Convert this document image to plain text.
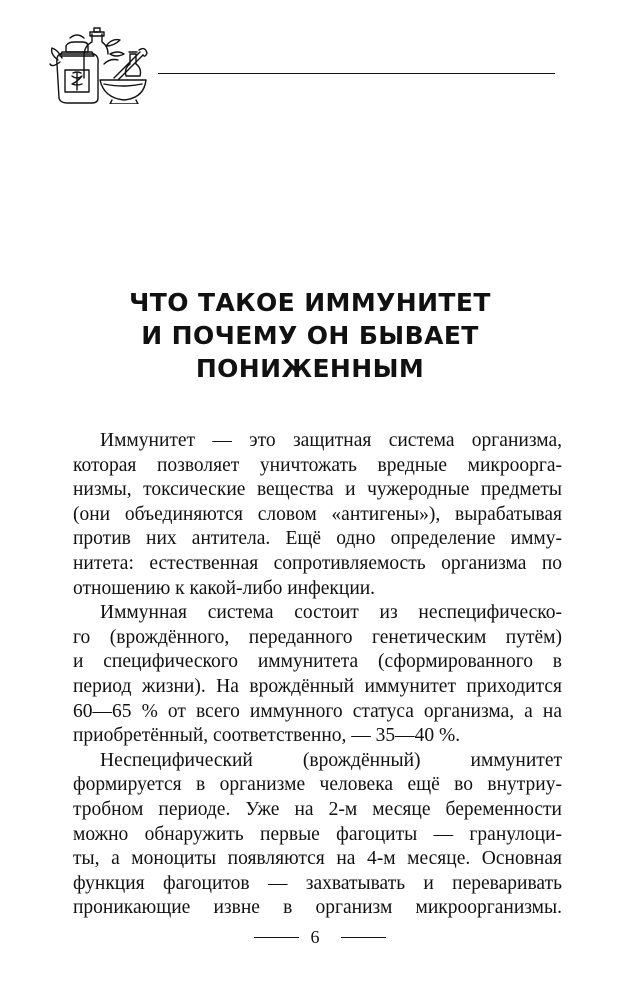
ЧТО ТАКОЕ ИММУНИТЕТ
И ПОЧЕМУ ОН БЫВАЕТ
ПОНИЖЕННЫМ
Иммунитет — это защитная система организма,
которая позволяет уничтожать вредные микроорга-
низмы, токсические вещества и чужеродные предметы
(они объединяются словом «антигены»), вырабатывая
против них антитела. Ещё одно определение имму-
нитета: естественная сопротивляемость организма по
отношению к какой-либо инфекции.
Иммунная система состоит из неспецифическо-
го (врождённого, переданного генетическим путём)
и специфического иммунитета (сформированного в
период жизни). На врождённый иммунитет приходится
60—65 % от всего иммунного статуса организма, а на
приобретённый, соответственно, — 35—40 %.
Неспецифический (врождённый) иммунитет
формируется в организме человека ещё во внутриу-
тробном периоде. Уже на 2-м месяце беременности
можно обнаружить первые фагоциты — гранулоци-
ты, а моноциты появляются на 4-м месяце. Основная
функция фагоцитов — захватывать и переваривать
проникающие извне в организм микроорганизмы.
6
